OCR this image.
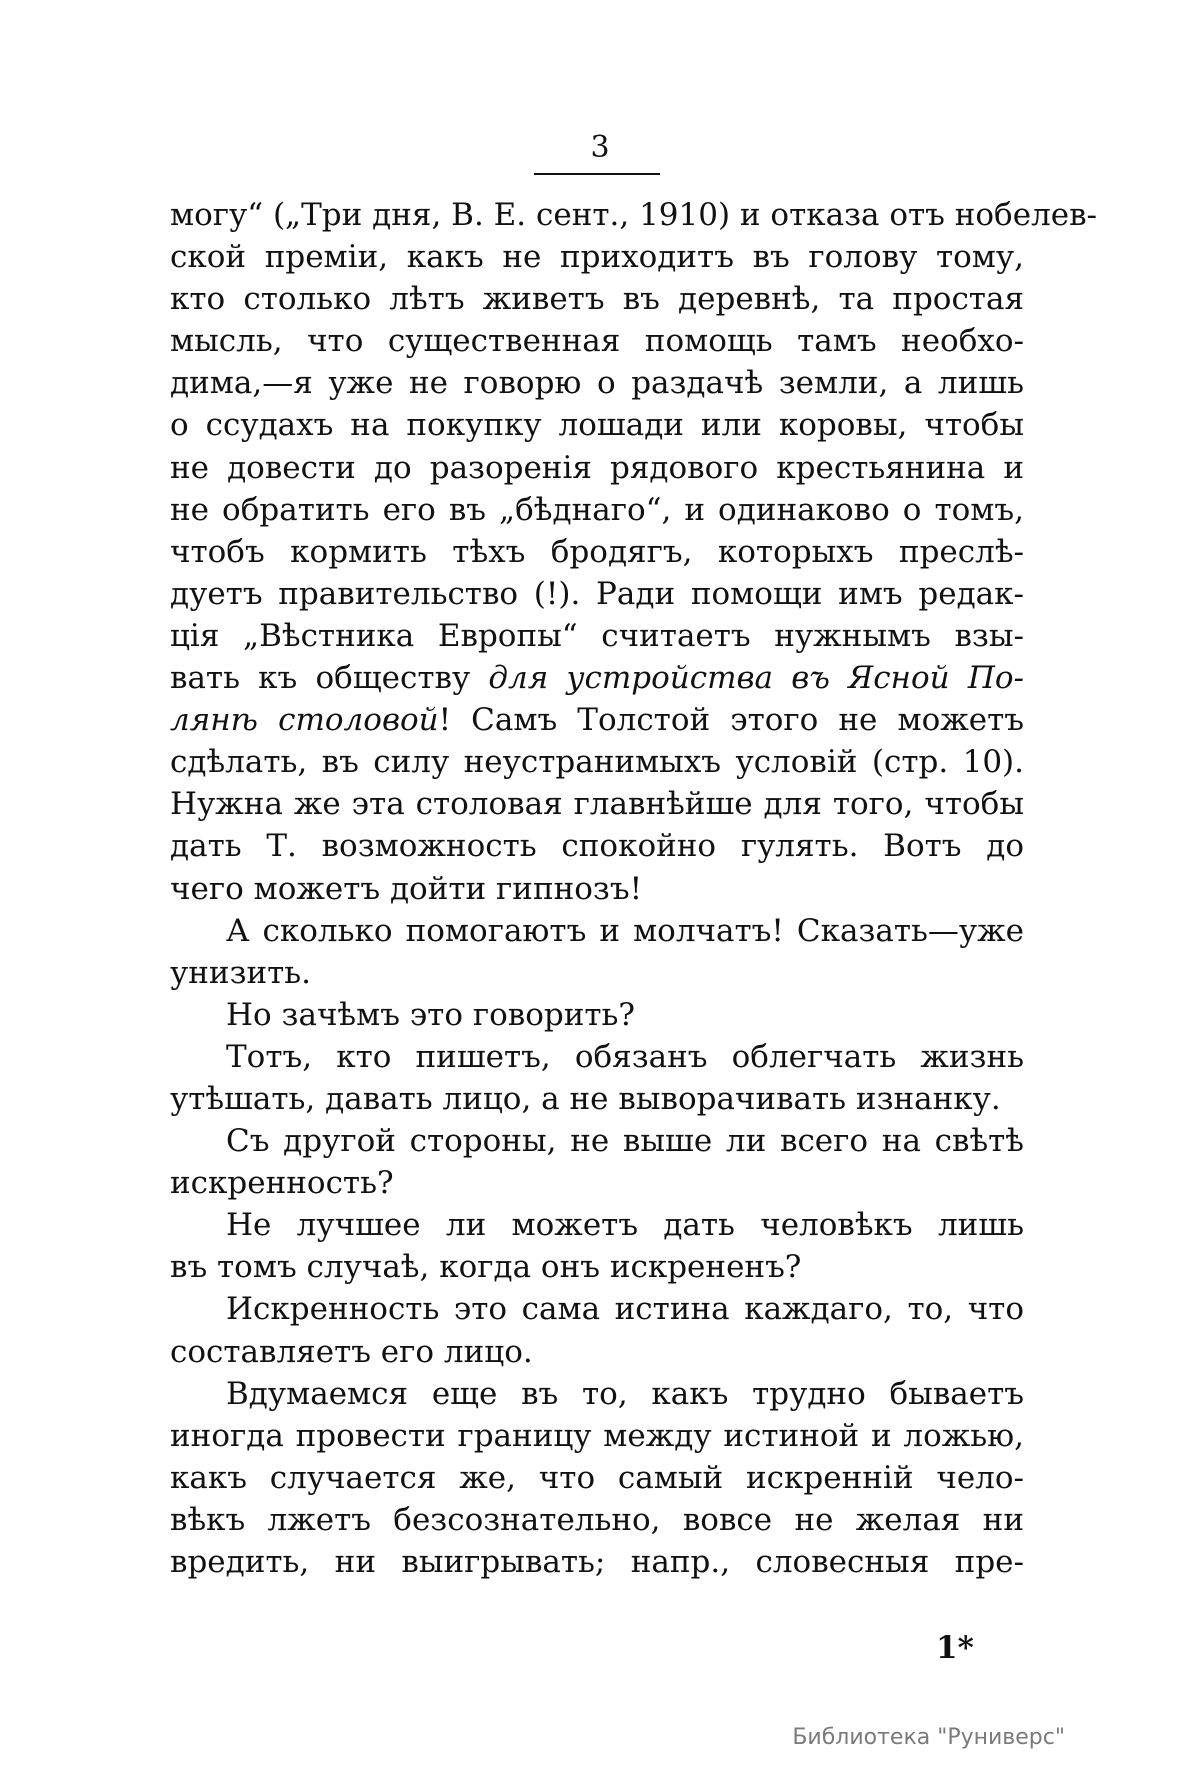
3
могу“ („Три дня, В. Е. сент., 1910) и отказа отъ нобелев-
ской премiи, какъ не приходитъ въ голову тому,
кто столько лѣтъ живетъ въ деревнѣ, та простая
мысль, что существенная помощь тамъ необхо-
дима,—я уже не говорю о раздачѣ земли, а лишь
о ссудахъ на покупку лошади или коровы, чтобы
не довести до разоренiя рядового крестьянина и
не обратить его въ „бѣднаго“, и одинаково о томъ,
чтобъ кормить тѣхъ бродягъ, которыхъ преслѣ-
дуетъ правительство (!). Ради помощи имъ редак-
цiя „Вѣстника Европы“ считаетъ нужнымъ взы-
вать къ обществу для устройства въ Ясной По-
лянѣ столовой! Самъ Толстой этого не можетъ
сдѣлать, въ силу неустранимыхъ условiй (стр. 10).
Нужна же эта столовая главнѣйше для того, чтобы
дать Т. возможность спокойно гулять. Вотъ до
чего можетъ дойти гипнозъ!
А сколько помогаютъ и молчатъ! Сказать—уже
унизить.
Но зачѣмъ это говорить?
Тотъ, кто пишетъ, обязанъ облегчать жизнь
утѣшать, давать лицо, а не выворачивать изнанку.
Съ другой стороны, не выше ли всего на свѣтѣ
искренность?
Не лучшее ли можетъ дать человѣкъ лишь
въ томъ случаѣ, когда онъ искрененъ?
Искренность это сама истина каждаго, то, что
составляетъ его лицо.
Вдумаемся еще въ то, какъ трудно бываетъ
иногда провести границу между истиной и ложью,
какъ случается же, что самый искреннiй чело-
вѣкъ лжетъ безсознательно, вовсе не желая ни
вредить, ни выигрывать; напр., словесныя пре-
1*
Библиотека "Руниверс"
